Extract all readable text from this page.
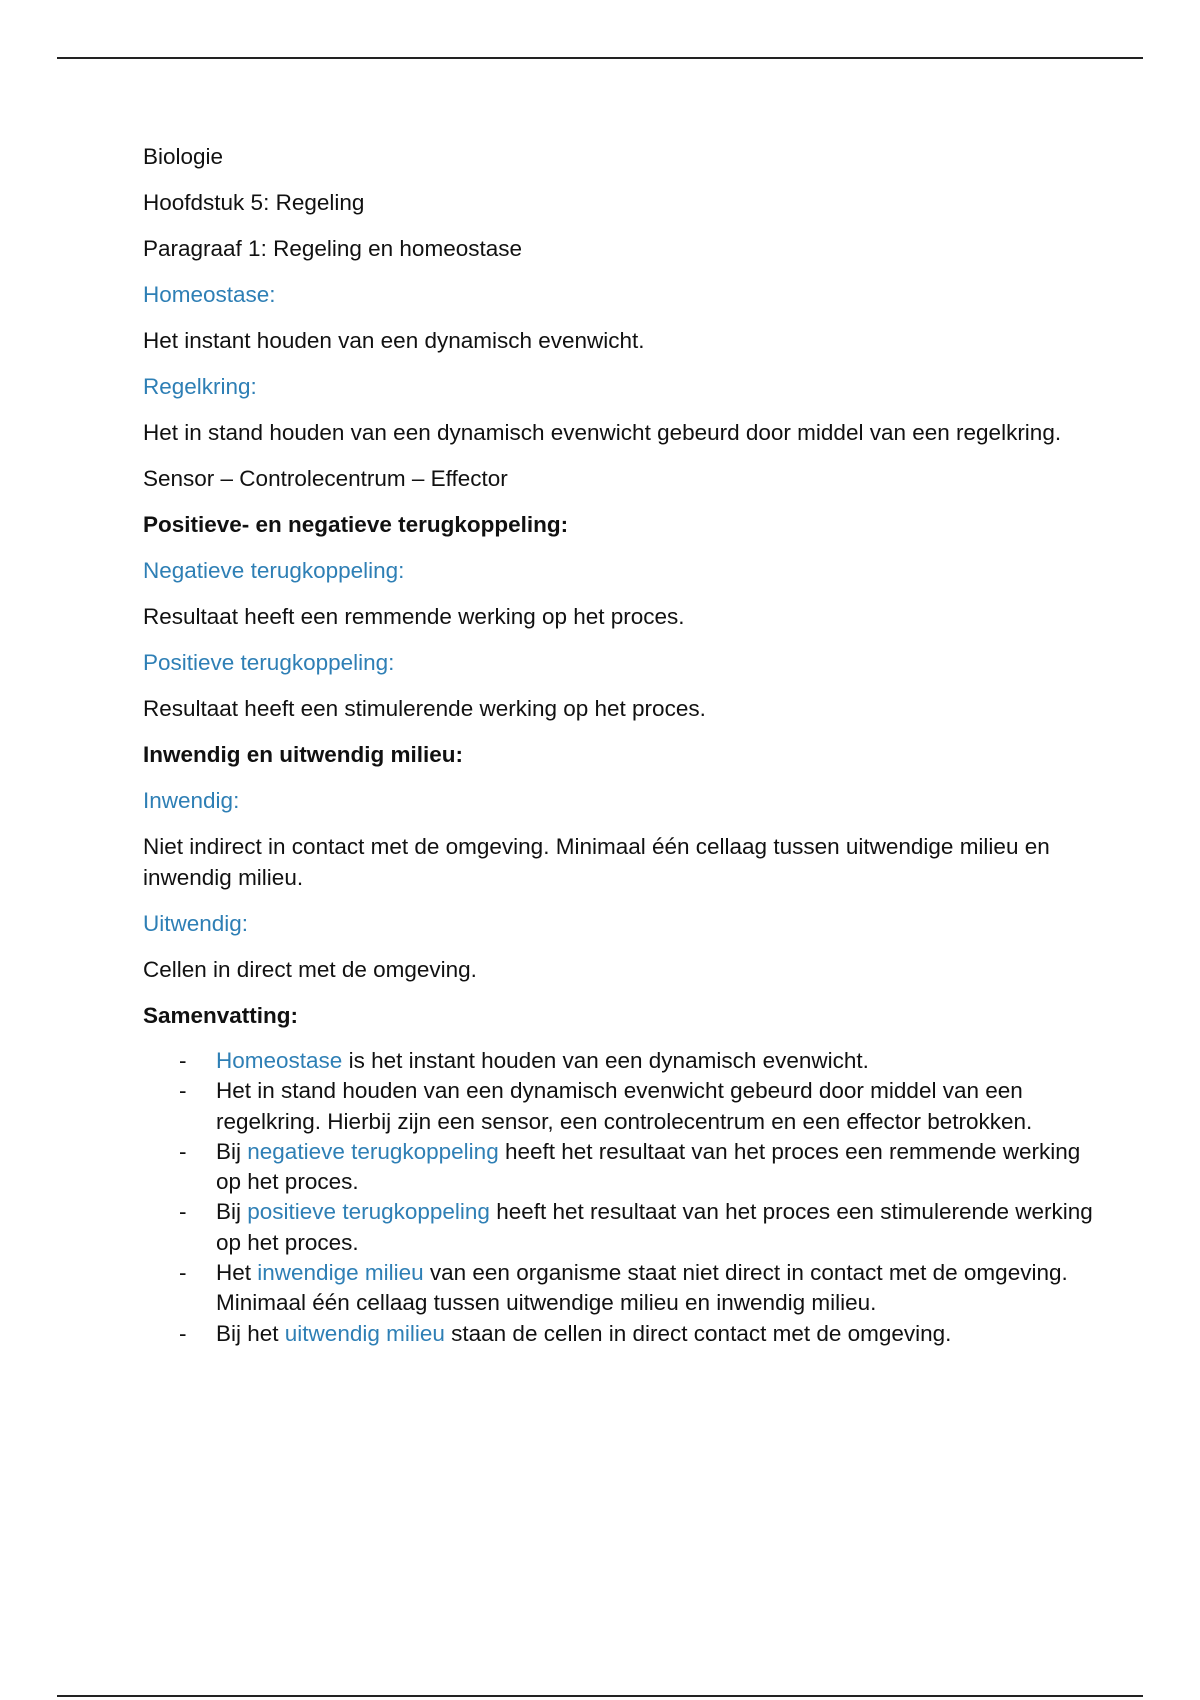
Biologie

Hoofdstuk 5: Regeling

Paragraaf 1: Regeling en homeostase

Homeostase:

Het instant houden van een dynamisch evenwicht.

Regelkring:

Het in stand houden van een dynamisch evenwicht gebeurd door middel van een regelkring.

Sensor – Controlecentrum – Effector

Positieve- en negatieve terugkoppeling:

Negatieve terugkoppeling:

Resultaat heeft een remmende werking op het proces.

Positieve terugkoppeling:

Resultaat heeft een stimulerende werking op het proces.

Inwendig en uitwendig milieu:

Inwendig:

Niet indirect in contact met de omgeving. Minimaal één cellaag tussen uitwendige milieu en inwendig milieu.

Uitwendig:

Cellen in direct met de omgeving.

Samenvatting:

- Homeostase is het instant houden van een dynamisch evenwicht.
- Het in stand houden van een dynamisch evenwicht gebeurd door middel van een regelkring. Hierbij zijn een sensor, een controlecentrum en een effector betrokken.
- Bij negatieve terugkoppeling heeft het resultaat van het proces een remmende werking op het proces.
- Bij positieve terugkoppeling heeft het resultaat van het proces een stimulerende werking op het proces.
- Het inwendige milieu van een organisme staat niet direct in contact met de omgeving. Minimaal één cellaag tussen uitwendige milieu en inwendig milieu.
- Bij het uitwendig milieu staan de cellen in direct contact met de omgeving.
